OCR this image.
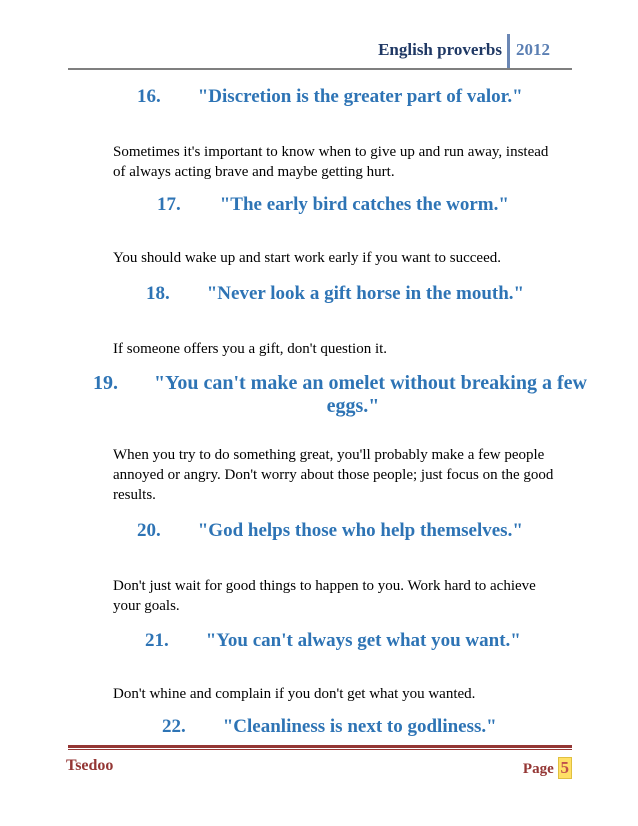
English proverbs 2012
16. "Discretion is the greater part of valor."
Sometimes it's important to know when to give up and run away, instead of always acting brave and maybe getting hurt.
17. "The early bird catches the worm."
You should wake up and start work early if you want to succeed.
18. "Never look a gift horse in the mouth."
If someone offers you a gift, don't question it.
19. "You can't make an omelet without breaking a few
eggs."
When you try to do something great, you'll probably make a few people annoyed or angry. Don't worry about those people; just focus on the good results.
20. "God helps those who help themselves."
Don't just wait for good things to happen to you. Work hard to achieve your goals.
21. "You can't always get what you want."
Don't whine and complain if you don't get what you wanted.
22. "Cleanliness is next to godliness."
Tsedoo	Page 5
